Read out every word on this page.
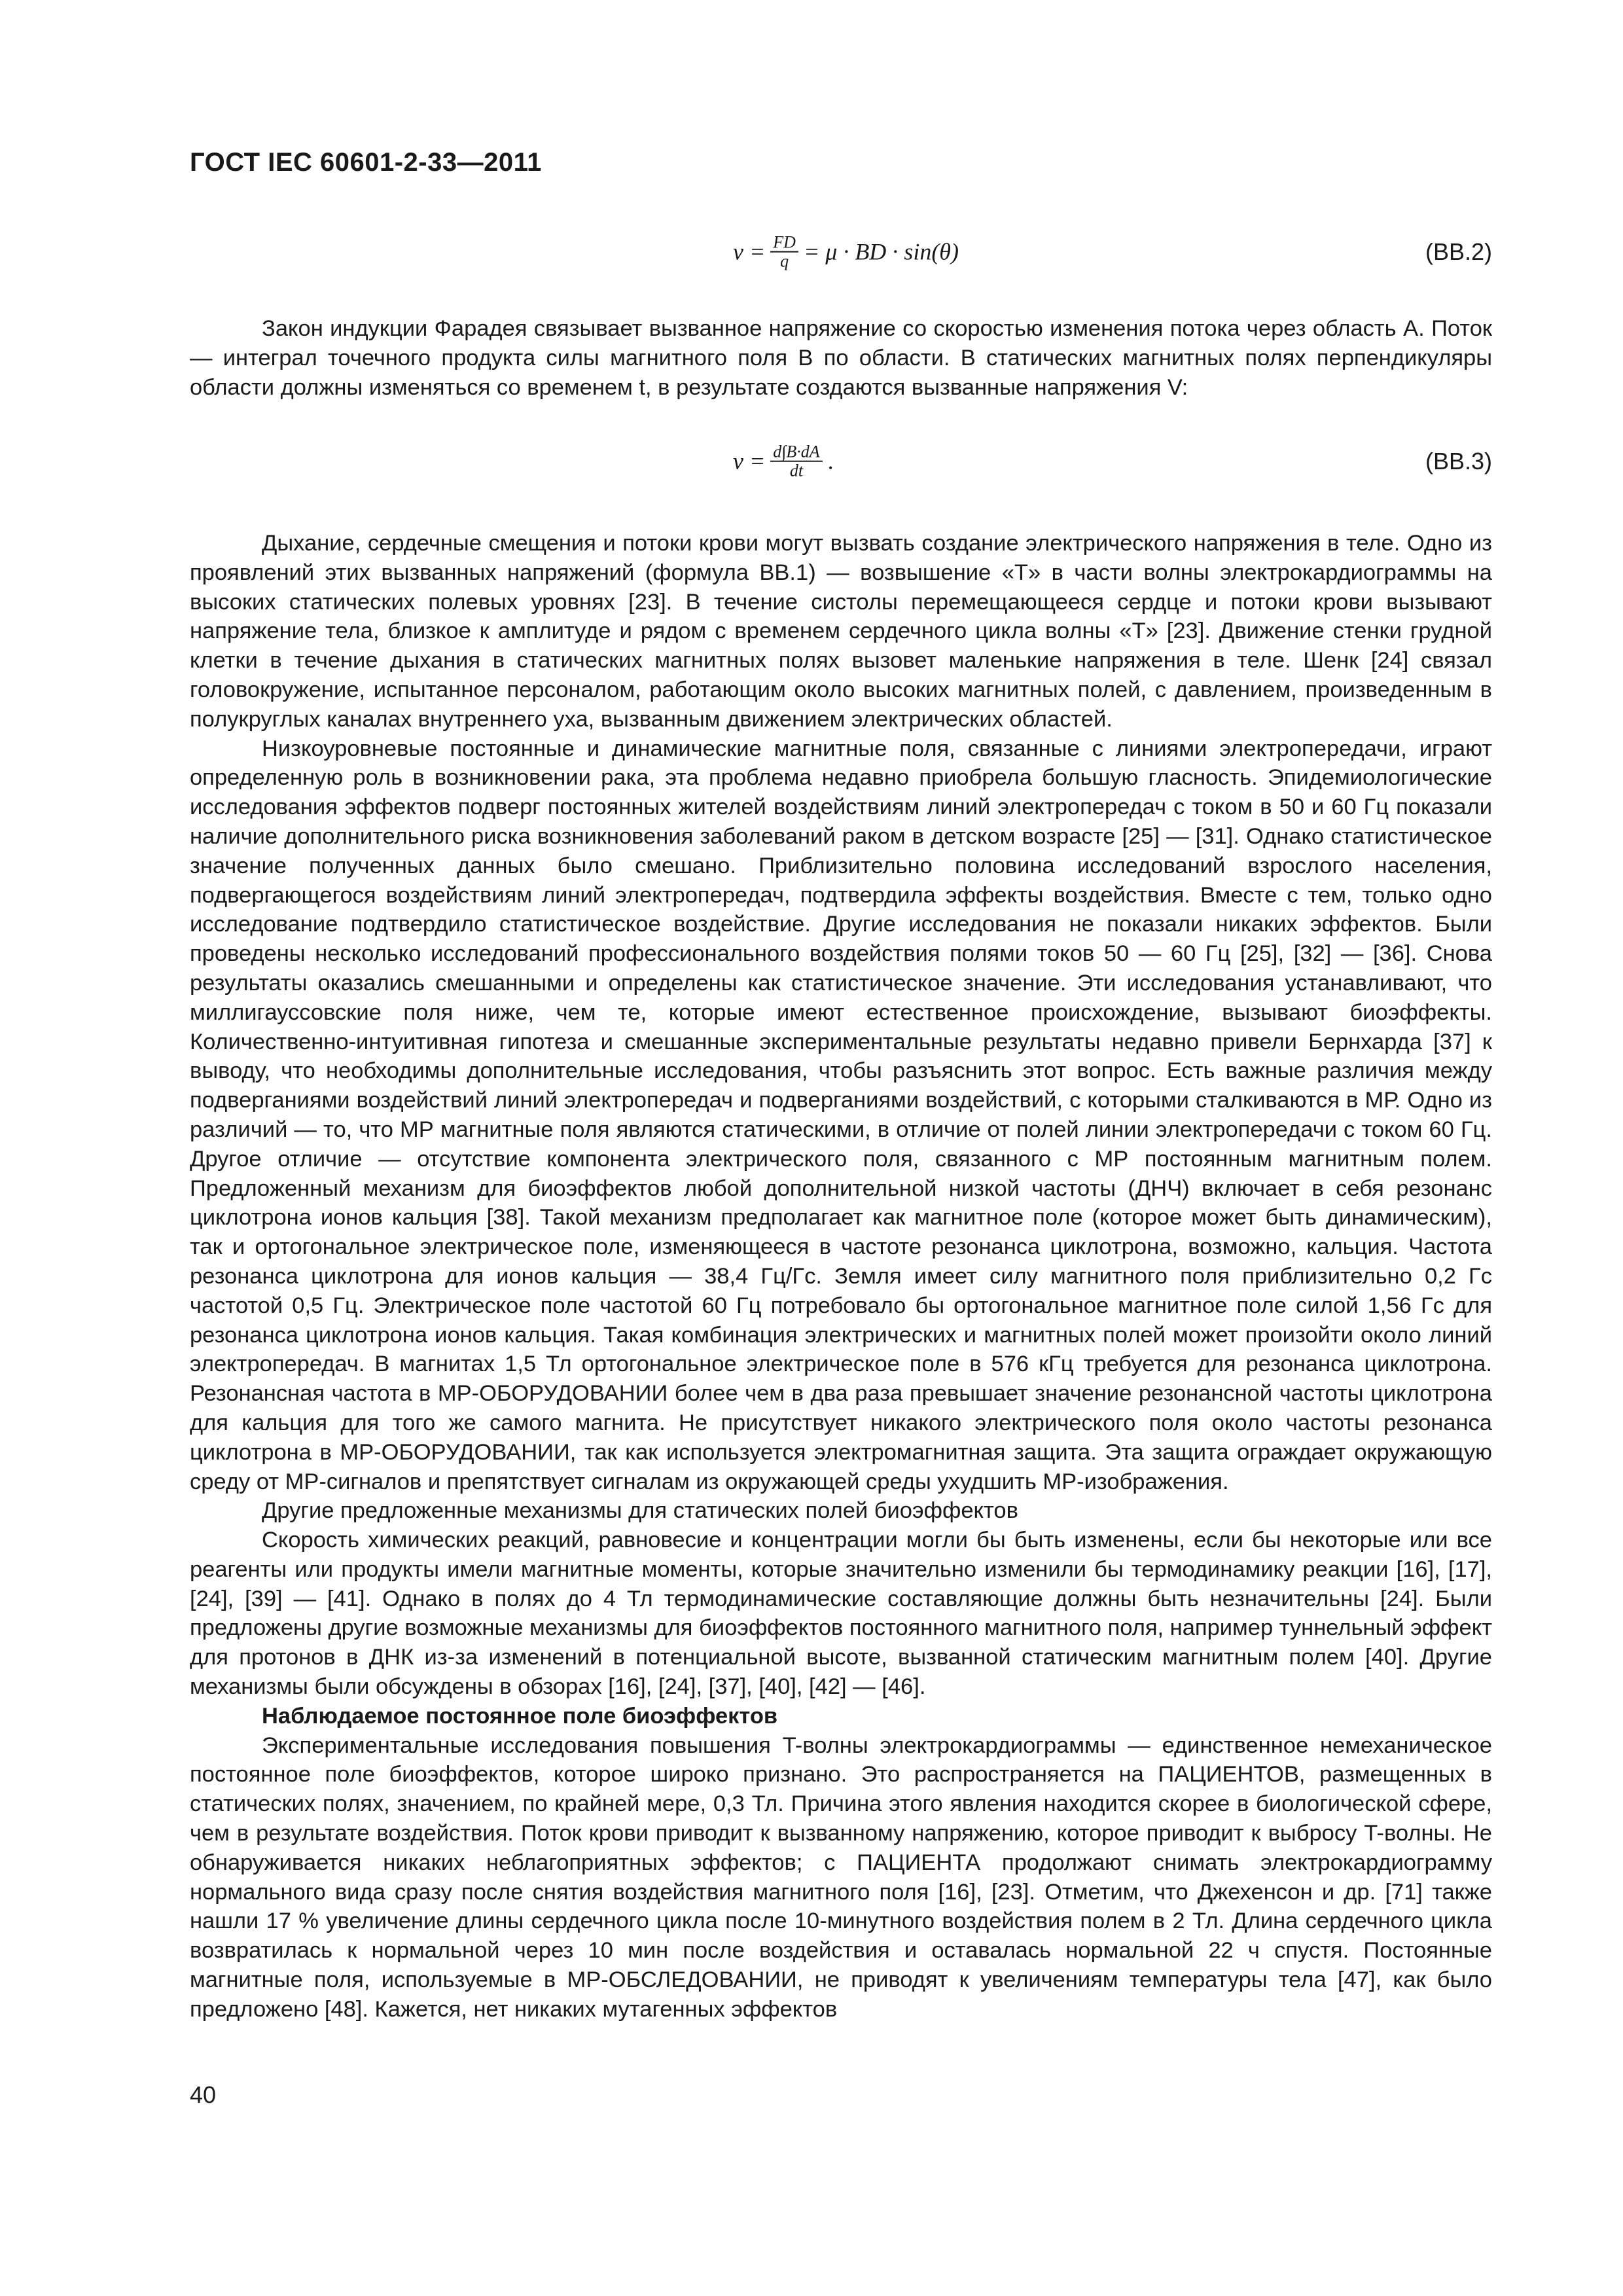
ГОСТ IEC 60601-2-33—2011
$v = \frac{FD}{q} = \mu$ · BD · sin(θ)	(BB.2)

Закон индукции Фарадея связывает вызванное напряжение со скоростью изменения потока через область A. Поток — интеграл точечного продукта силы магнитного поля B по области. В статических магнитных полях перпендикуляры области должны изменяться со временем t, в результате создаются вызванные напряжения V:

$v = \frac{d\int B\cdot dA}{dt}$ .	(BB.3)

Дыхание, сердечные смещения и потоки крови могут вызвать создание электрического напряжения в теле. Одно из проявлений этих вызванных напряжений (формула BB.1) — возвышение «T» в части волны электрокардиограммы на высоких статических полевых уровнях [23]. В течение систолы перемещающееся сердце и потоки крови вызывают напряжение тела, близкое к амплитуде и рядом с временем сердечного цикла волны «T» [23]. Движение стенки грудной клетки в течение дыхания в статических магнитных полях вызовет маленькие напряжения в теле. Шенк [24] связал головокружение, испытанное персоналом, работающим около высоких магнитных полей, с давлением, произведенным в полукруглых каналах внутреннего уха, вызванным движением электрических областей.

Низкоуровневые постоянные и динамические магнитные поля, связанные с линиями электропередачи, играют определенную роль в возникновении рака, эта проблема недавно приобрела большую гласность. Эпидемиологические исследования эффектов подверг постоянных жителей воздействиям линий электропередач с током в 50 и 60 Гц показали наличие дополнительного риска возникновения заболеваний раком в детском возрасте [25] — [31]. Однако статистическое значение полученных данных было смешано. Приблизительно половина исследований взрослого населения, подвергающегося воздействиям линий электропередач, подтвердила эффекты воздействия. Вместе с тем, только одно исследование подтвердило статистическое воздействие. Другие исследования не показали никаких эффектов. Были проведены несколько исследований профессионального воздействия полями токов 50 — 60 Гц [25], [32] — [36]. Снова результаты оказались смешанными и определены как статистическое значение. Эти исследования устанавливают, что миллигауссовские поля ниже, чем те, которые имеют естественное происхождение, вызывают биоэффекты. Количественно-интуитивная гипотеза и смешанные экспериментальные результаты недавно привели Бернхарда [37] к выводу, что необходимы дополнительные исследования, чтобы разъяснить этот вопрос. Есть важные различия между подверганиями воздействий линий электропередач и подверганиями воздействий, с которыми сталкиваются в МР. Одно из различий — то, что МР магнитные поля являются статическими, в отличие от полей линии электропередачи с током 60 Гц. Другое отличие — отсутствие компонента электрического поля, связанного с МР постоянным магнитным полем. Предложенный механизм для биоэффектов любой дополнительной низкой частоты (ДНЧ) включает в себя резонанс циклотрона ионов кальция [38]. Такой механизм предполагает как магнитное поле (которое может быть динамическим), так и ортогональное электрическое поле, изменяющееся в частоте резонанса циклотрона, возможно, кальция. Частота резонанса циклотрона для ионов кальция — 38,4 Гц/Гс. Земля имеет силу магнитного поля приблизительно 0,2 Гс частотой 0,5 Гц. Электрическое поле частотой 60 Гц потребовало бы ортогональное магнитное поле силой 1,56 Гс для резонанса циклотрона ионов кальция. Такая комбинация электрических и магнитных полей может произойти около линий электропередач. В магнитах 1,5 Тл ортогональное электрическое поле в 576 кГц требуется для резонанса циклотрона. Резонансная частота в МР-ОБОРУДОВАНИИ более чем в два раза превышает значение резонансной частоты циклотрона для кальция для того же самого магнита. Не присутствует никакого электрического поля около частоты резонанса циклотрона в МР-ОБОРУДОВАНИИ, так как используется электромагнитная защита. Эта защита ограждает окружающую среду от МР-сигналов и препятствует сигналам из окружающей среды ухудшить МР-изображения.

Другие предложенные механизмы для статических полей биоэффектов

Скорость химических реакций, равновесие и концентрации могли бы быть изменены, если бы некоторые или все реагенты или продукты имели магнитные моменты, которые значительно изменили бы термодинамику реакции [16], [17], [24], [39] — [41]. Однако в полях до 4 Тл термодинамические составляющие должны быть незначительны [24]. Были предложены другие возможные механизмы для биоэффектов постоянного магнитного поля, например туннельный эффект для протонов в ДНК из-за изменений в потенциальной высоте, вызванной статическим магнитным полем [40]. Другие механизмы были обсуждены в обзорах [16], [24], [37], [40], [42] — [46].

Наблюдаемое постоянное поле биоэффектов

Экспериментальные исследования повышения T-волны электрокардиограммы — единственное немеханическое постоянное поле биоэффектов, которое широко признано. Это распространяется на ПАЦИЕНТОВ, размещенных в статических полях, значением, по крайней мере, 0,3 Тл. Причина этого явления находится скорее в биологической сфере, чем в результате воздействия. Поток крови приводит к вызванному напряжению, которое приводит к выбросу T-волны. Не обнаруживается никаких неблагоприятных эффектов; с ПАЦИЕНТА продолжают снимать электрокардиограмму нормального вида сразу после снятия воздействия магнитного поля [16], [23]. Отметим, что Джехенсон и др. [71] также нашли 17 % увеличение длины сердечного цикла после 10-минутного воздействия полем в 2 Тл. Длина сердечного цикла возвратилась к нормальной через 10 мин после воздействия и оставалась нормальной 22 ч спустя. Постоянные магнитные поля, используемые в МР-ОБСЛЕДОВАНИИ, не приводят к увеличениям температуры тела [47], как было предложено [48]. Кажется, нет никаких мутагенных эффектов

40
